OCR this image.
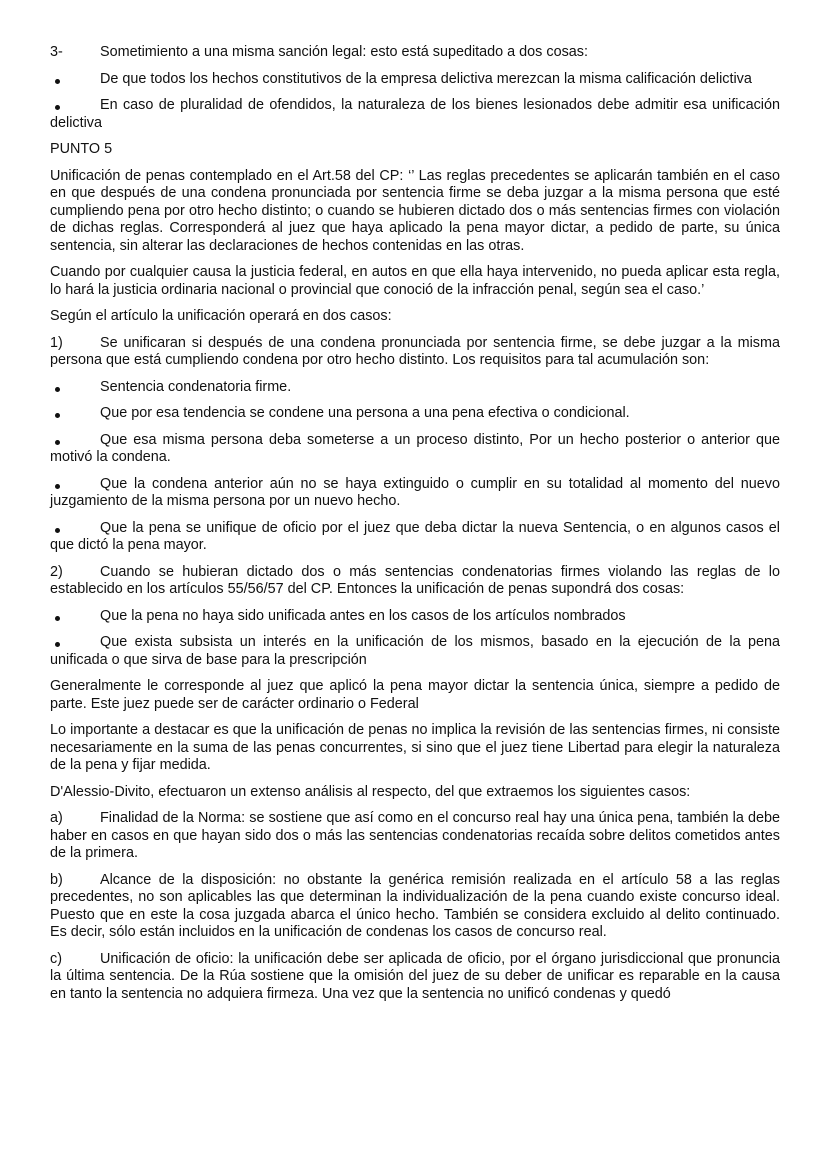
3-	Sometimiento a una misma sanción legal: esto está supeditado a dos cosas:
De que todos los hechos constitutivos de la empresa delictiva merezcan la misma calificación delictiva
En caso de pluralidad de ofendidos, la naturaleza de los bienes lesionados debe admitir esa unificación delictiva

PUNTO 5

Unificación de penas contemplado en el Art.58 del CP: ‘’ Las reglas precedentes se aplicarán también en el caso en que después de una condena pronunciada por sentencia firme se deba juzgar a la misma persona que esté cumpliendo pena por otro hecho distinto; o cuando se hubieren dictado dos o más sentencias firmes con violación de dichas reglas. Corresponderá al juez que haya aplicado la pena mayor dictar, a pedido de parte, su única sentencia, sin alterar las declaraciones de hechos contenidas en las otras.

Cuando por cualquier causa la justicia federal, en autos en que ella haya intervenido, no pueda aplicar esta regla, lo hará la justicia ordinaria nacional o provincial que conoció de la infracción penal, según sea el caso.’

Según el artículo la unificación operará en dos casos:

1)	Se unificaran si después de una condena pronunciada por sentencia firme, se debe juzgar a la misma persona que está cumpliendo condena por otro hecho distinto. Los requisitos para tal acumulación son:
Sentencia condenatoria firme.
Que por esa tendencia se condene una persona a una pena efectiva o condicional.
Que esa misma persona deba someterse a un proceso distinto, Por un hecho posterior o anterior que motivó la condena.
Que la condena anterior aún no se haya extinguido o cumplir en su totalidad al momento del nuevo juzgamiento de la misma persona por un nuevo hecho.
Que la pena se unifique de oficio por el juez que deba dictar la nueva Sentencia, o en algunos casos el que dictó la pena mayor.
2)	Cuando se hubieran dictado dos o más sentencias condenatorias firmes violando las reglas de lo establecido en los artículos 55/56/57 del CP. Entonces la unificación de penas supondrá dos cosas:
Que la pena no haya sido unificada antes en los casos de los artículos nombrados
Que exista subsista un interés en la unificación de los mismos, basado en la ejecución de la pena unificada o que sirva de base para la prescripción

Generalmente le corresponde al juez que aplicó la pena mayor dictar la sentencia única, siempre a pedido de parte. Este juez puede ser de carácter ordinario o Federal

Lo importante a destacar es que la unificación de penas no implica la revisión de las sentencias firmes, ni consiste necesariamente en la suma de las penas concurrentes, si sino que el juez tiene Libertad para elegir la naturaleza de la pena y fijar medida.

D'Alessio-Divito, efectuaron un extenso análisis al respecto, del que extraemos los siguientes casos:

a)	Finalidad de la Norma: se sostiene que así como en el concurso real hay una única pena, también la debe haber en casos en que hayan sido dos o más las sentencias condenatorias recaída sobre delitos cometidos antes de la primera.
b)	Alcance de la disposición: no obstante la genérica remisión realizada en el artículo 58 a las reglas precedentes, no son aplicables las que determinan la individualización de la pena cuando existe concurso ideal. Puesto que en este la cosa juzgada abarca el único hecho. También se considera excluido al delito continuado. Es decir, sólo están incluidos en la unificación de condenas los casos de concurso real.
c)	Unificación de oficio: la unificación debe ser aplicada de oficio, por el órgano jurisdiccional que pronuncia la última sentencia. De la Rúa sostiene que la omisión del juez de su deber de unificar es reparable en la causa en tanto la sentencia no adquiera firmeza. Una vez que la sentencia no unificó condenas y quedó
